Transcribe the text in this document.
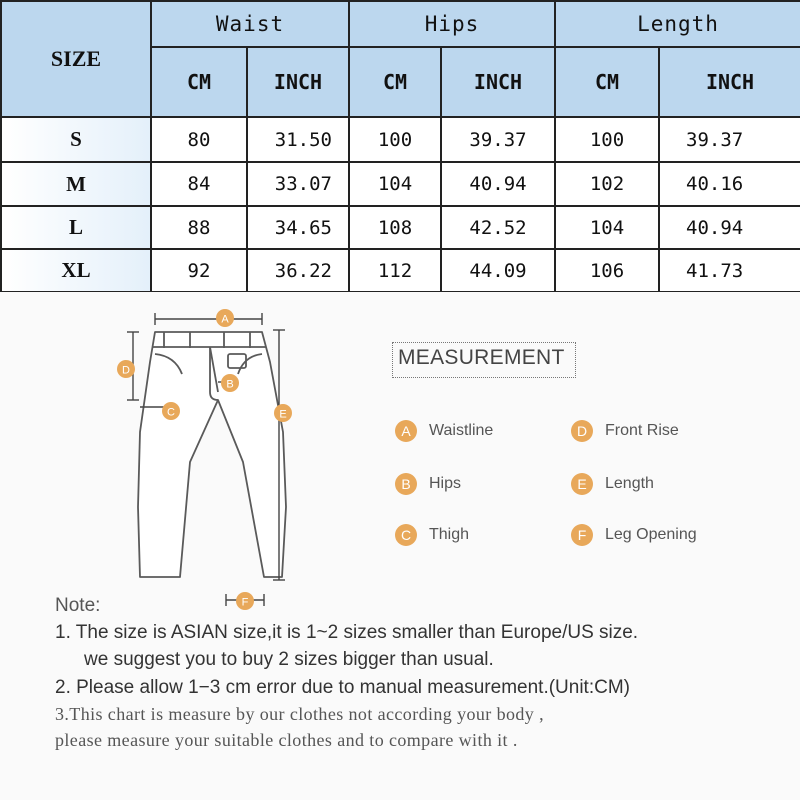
SIZE	Waist		Hips		Length	
	CM	INCH	CM	INCH	CM	INCH
S	80	31.50	100	39.37	100	39.37
M	84	33.07	104	40.94	102	40.16
L	88	34.65	108	42.52	104	40.94
XL	92	36.22	112	44.09	106	41.73
A
B
C
D
E
F
MEASUREMENT
A	Waistline
B	Hips
C	Thigh
D	Front Rise
E	Length
F	Leg Opening
Note:
1. The size is ASIAN size,it is 1~2 sizes smaller than Europe/US size.
we suggest you to buy 2 sizes bigger than usual.
2. Please allow 1−3 cm error due to manual measurement.(Unit:CM)
3.This chart is measure by our clothes not according your body ,
please measure your suitable clothes and to compare with it .
